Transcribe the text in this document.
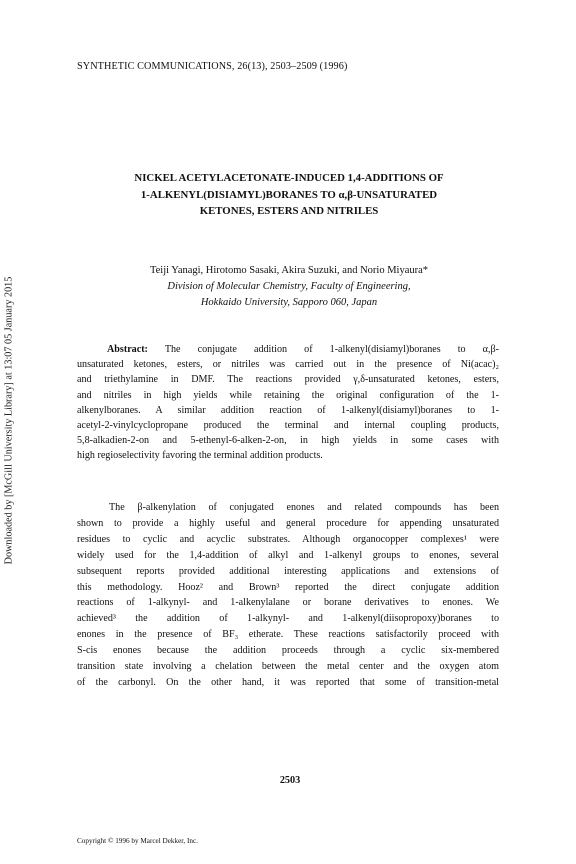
Downloaded by [McGill University Library] at 13:07 05 January 2015
SYNTHETIC COMMUNICATIONS, 26(13), 2503–2509 (1996)
NICKEL ACETYLACETONATE-INDUCED 1,4-ADDITIONS OF
1-ALKENYL(DISIAMYL)BORANES TO α,β-UNSATURATED
KETONES, ESTERS AND NITRILES
Teiji Yanagi, Hirotomo Sasaki, Akira Suzuki, and Norio Miyaura*
Division of Molecular Chemistry, Faculty of Engineering,
Hokkaido University, Sapporo 060, Japan
Abstract: The conjugate addition of 1-alkenyl(disiamyl)boranes to α,β-
unsaturated ketones, esters, or nitriles was carried out in the presence of Ni(acac)₂
and triethylamine in DMF. The reactions provided γ,δ-unsaturated ketones, esters,
and nitriles in high yields while retaining the original configuration of the 1-
alkenylboranes. A similar addition reaction of 1-alkenyl(disiamyl)boranes to 1-
acetyl-2-vinylcyclopropane produced the terminal and internal coupling products,
5,8-alkadien-2-on and 5-ethenyl-6-alken-2-on, in high yields in some cases with
high regioselectivity favoring the terminal addition products.
The β-alkenylation of conjugated enones and related compounds has been
shown to provide a highly useful and general procedure for appending unsaturated
residues to cyclic and acyclic substrates. Although organocopper complexes¹ were
widely used for the 1,4-addition of alkyl and 1-alkenyl groups to enones, several
subsequent reports provided additional interesting applications and extensions of
this methodology. Hooz² and Brown³ reported the direct conjugate addition
reactions of 1-alkynyl- and 1-alkenylalane or borane derivatives to enones. We
achieved³ the addition of 1-alkynyl- and 1-alkenyl(diisopropoxy)boranes to
enones in the presence of BF₃ etherate. These reactions satisfactorily proceed with
S-cis enones because the addition proceeds through a cyclic six-membered
transition state involving a chelation between the metal center and the oxygen atom
of the carbonyl. On the other hand, it was reported that some of transition-metal
2503
Copyright © 1996 by Marcel Dekker, Inc.
